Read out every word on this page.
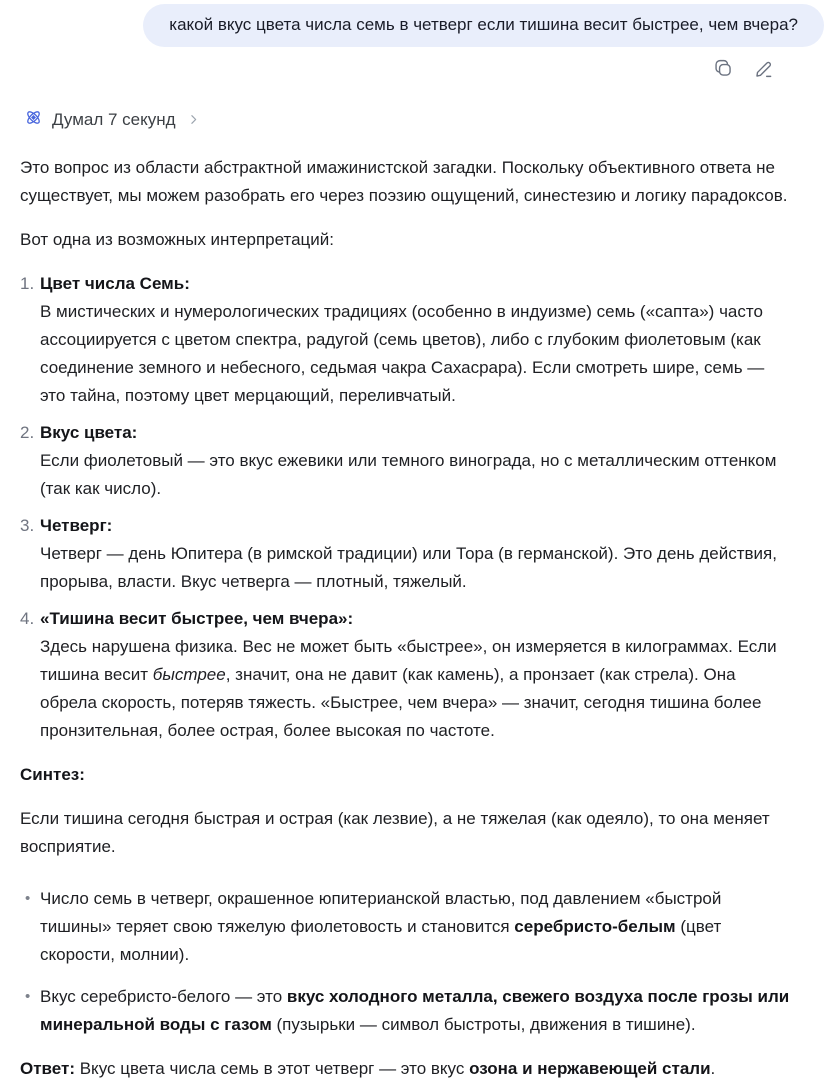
какой вкус цвета числа семь в четверг если тишина весит быстрее, чем вчера?
Думал 7 секунд

Это вопрос из области абстрактной имажинистской загадки. Поскольку объективного ответа не существует, мы можем разобрать его через поэзию ощущений, синестезию и логику парадоксов.

Вот одна из возможных интерпретаций:

1. Цвет числа Семь:
В мистических и нумерологических традициях (особенно в индуизме) семь («сапта») часто ассоциируется с цветом спектра, радугой (семь цветов), либо с глубоким фиолетовым (как соединение земного и небесного, седьмая чакра Сахасрара). Если смотреть шире, семь — это тайна, поэтому цвет мерцающий, переливчатый.
2. Вкус цвета:
Если фиолетовый — это вкус ежевики или темного винограда, но с металлическим оттенком (так как число).
3. Четверг:
Четверг — день Юпитера (в римской традиции) или Тора (в германской). Это день действия, прорыва, власти. Вкус четверга — плотный, тяжелый.
4. «Тишина весит быстрее, чем вчера»:
Здесь нарушена физика. Вес не может быть «быстрее», он измеряется в килограммах. Если тишина весит быстрее, значит, она не давит (как камень), а пронзает (как стрела). Она обрела скорость, потеряв тяжесть. «Быстрее, чем вчера» — значит, сегодня тишина более пронзительная, более острая, более высокая по частоте.

Синтез:

Если тишина сегодня быстрая и острая (как лезвие), а не тяжелая (как одеяло), то она меняет восприятие.

• Число семь в четверг, окрашенное юпитерианской властью, под давлением «быстрой тишины» теряет свою тяжелую фиолетовость и становится серебристо-белым (цвет скорости, молнии).
• Вкус серебристо-белого — это вкус холодного металла, свежего воздуха после грозы или минеральной воды с газом (пузырьки — символ быстроты, движения в тишине).

Ответ: Вкус цвета числа семь в этот четверг — это вкус озона и нержавеющей стали.
